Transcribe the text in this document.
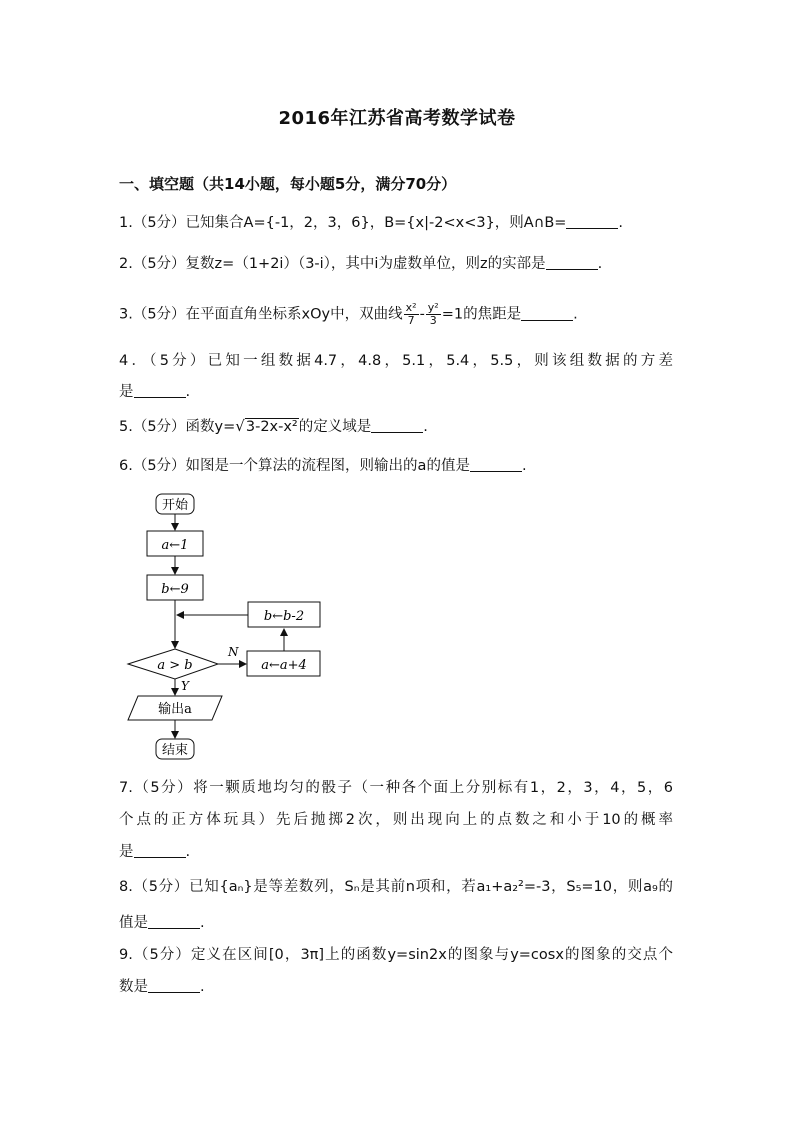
2016年江苏省高考数学试卷
一、填空题（共14小题，每小题5分，满分70分）
1.（5分）已知集合A={-1，2，3，6}，B={x|-2<x<3}，则A∩B=	.
2.（5分）复数z=（1+2i）（3-i），其中i为虚数单位，则z的实部是	.
3.（5分）在平面直角坐标系xOy中，双曲线 $\frac{\text{x²}}{7} - \frac{\text{y²}}{3} =1$的焦距是	.
4．（5分）已知一组数据4.7，4.8，5.1，5.4，5.5，则该组数据的方差
是	.
5.（5分）函数y=√3-2x-x²的定义域是	.
6.（5分）如图是一个算法的流程图，则输出的a的值是	.
开始
a←1
b←9
b←b-2
a > b
N
a←a+4
Y
输出a
结束
7.（5分）将一颗质地均匀的骰子（一种各个面上分别标有1，2，3，4，5，6
个点的正方体玩具）先后抛掷2次，则出现向上的点数之和小于10的概率
是	.
8.（5分）已知{aₙ}是等差数列，Sₙ是其前n项和，若a₁+a₂²=-3，S₅=10，则a₉的
值是	.
9.（5分）定义在区间[0，3π]上的函数y=sin2x的图象与y=cosx的图象的交点个
数是	.
